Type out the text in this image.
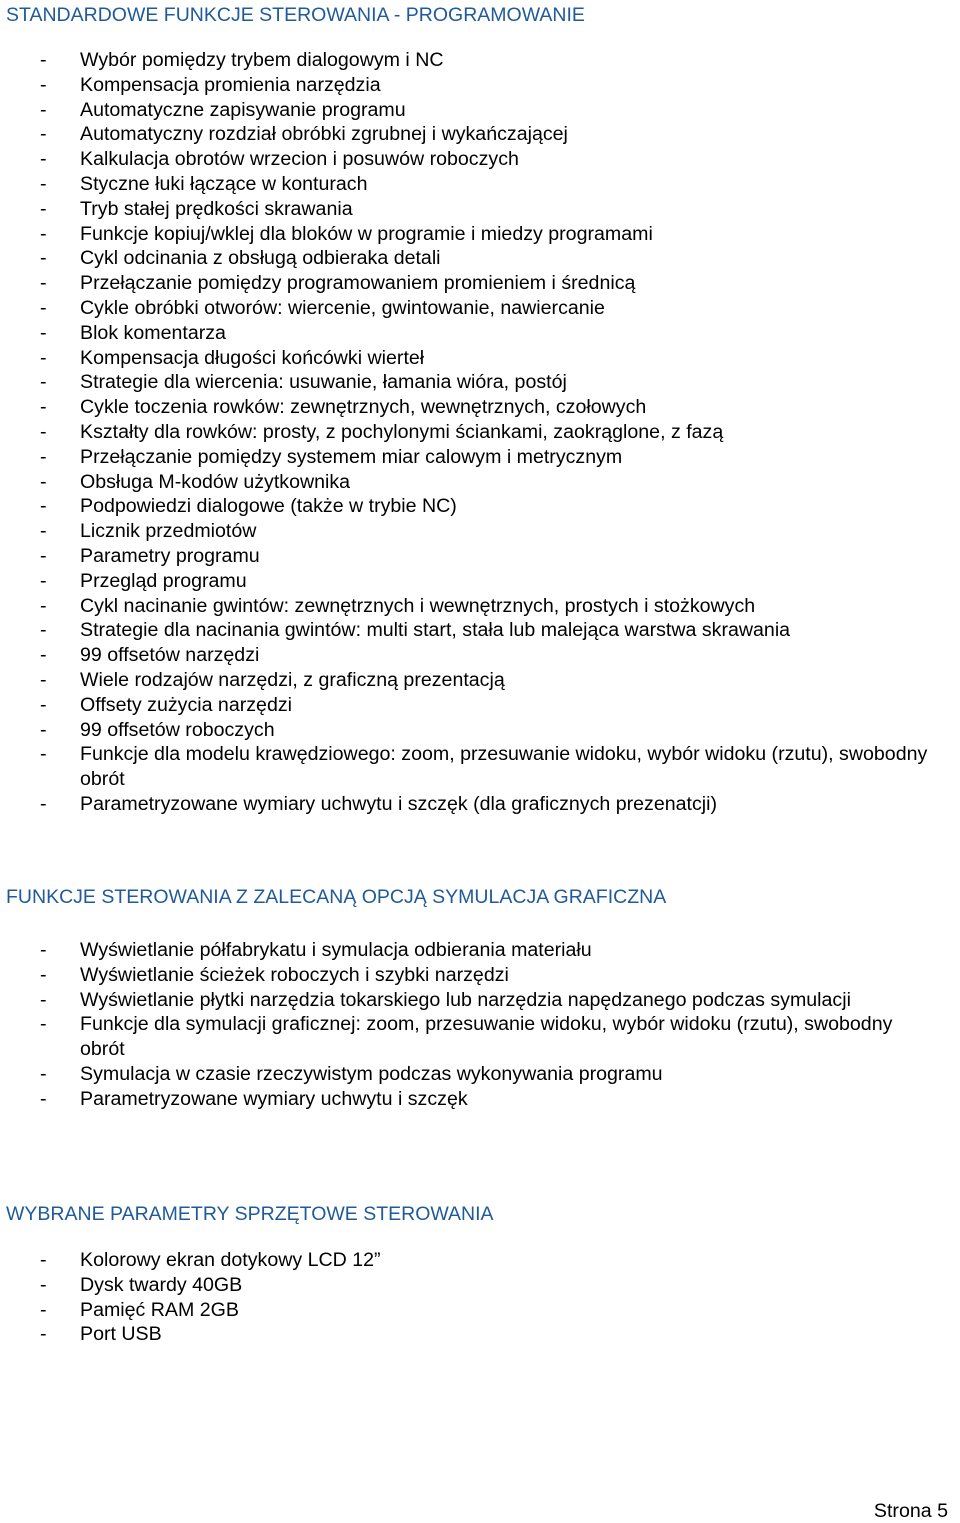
STANDARDOWE FUNKCJE STEROWANIA - PROGRAMOWANIE
- Wybór pomiędzy trybem dialogowym i NC
- Kompensacja promienia narzędzia
- Automatyczne zapisywanie programu
- Automatyczny rozdział obróbki zgrubnej i wykańczającej
- Kalkulacja obrotów wrzecion i posuwów roboczych
- Styczne łuki łączące w konturach
- Tryb stałej prędkości skrawania
- Funkcje kopiuj/wklej dla bloków w programie i miedzy programami
- Cykl odcinania z obsługą odbieraka detali
- Przełączanie pomiędzy programowaniem promieniem i średnicą
- Cykle obróbki otworów: wiercenie, gwintowanie, nawiercanie
- Blok komentarza
- Kompensacja długości końcówki wierteł
- Strategie dla wiercenia: usuwanie, łamania wióra, postój
- Cykle toczenia rowków: zewnętrznych, wewnętrznych, czołowych
- Kształty dla rowków: prosty, z pochylonymi ściankami, zaokrąglone, z fazą
- Przełączanie pomiędzy systemem miar calowym i metrycznym
- Obsługa M-kodów użytkownika
- Podpowiedzi dialogowe (także w trybie NC)
- Licznik przedmiotów
- Parametry programu
- Przegląd programu
- Cykl nacinanie gwintów: zewnętrznych i wewnętrznych, prostych i stożkowych
- Strategie dla nacinania gwintów: multi start, stała lub malejąca warstwa skrawania
- 99 offsetów narzędzi
- Wiele rodzajów narzędzi, z graficzną prezentacją
- Offsety zużycia narzędzi
- 99 offsetów roboczych
- Funkcje dla modelu krawędziowego: zoom, przesuwanie widoku, wybór widoku (rzutu), swobodny obrót
- Parametryzowane wymiary uchwytu i szczęk (dla graficznych prezenatcji)
FUNKCJE STEROWANIA Z ZALECANĄ OPCJĄ SYMULACJA GRAFICZNA
- Wyświetlanie półfabrykatu i symulacja odbierania materiału
- Wyświetlanie ścieżek roboczych i szybki narzędzi
- Wyświetlanie płytki narzędzia tokarskiego lub narzędzia napędzanego podczas symulacji
- Funkcje dla symulacji graficznej: zoom, przesuwanie widoku, wybór widoku (rzutu), swobodny obrót
- Symulacja w czasie rzeczywistym podczas wykonywania programu
- Parametryzowane wymiary uchwytu i szczęk
WYBRANE PARAMETRY SPRZĘTOWE STEROWANIA
- Kolorowy ekran dotykowy LCD 12”
- Dysk twardy 40GB
- Pamięć RAM 2GB
- Port USB
Strona 5
